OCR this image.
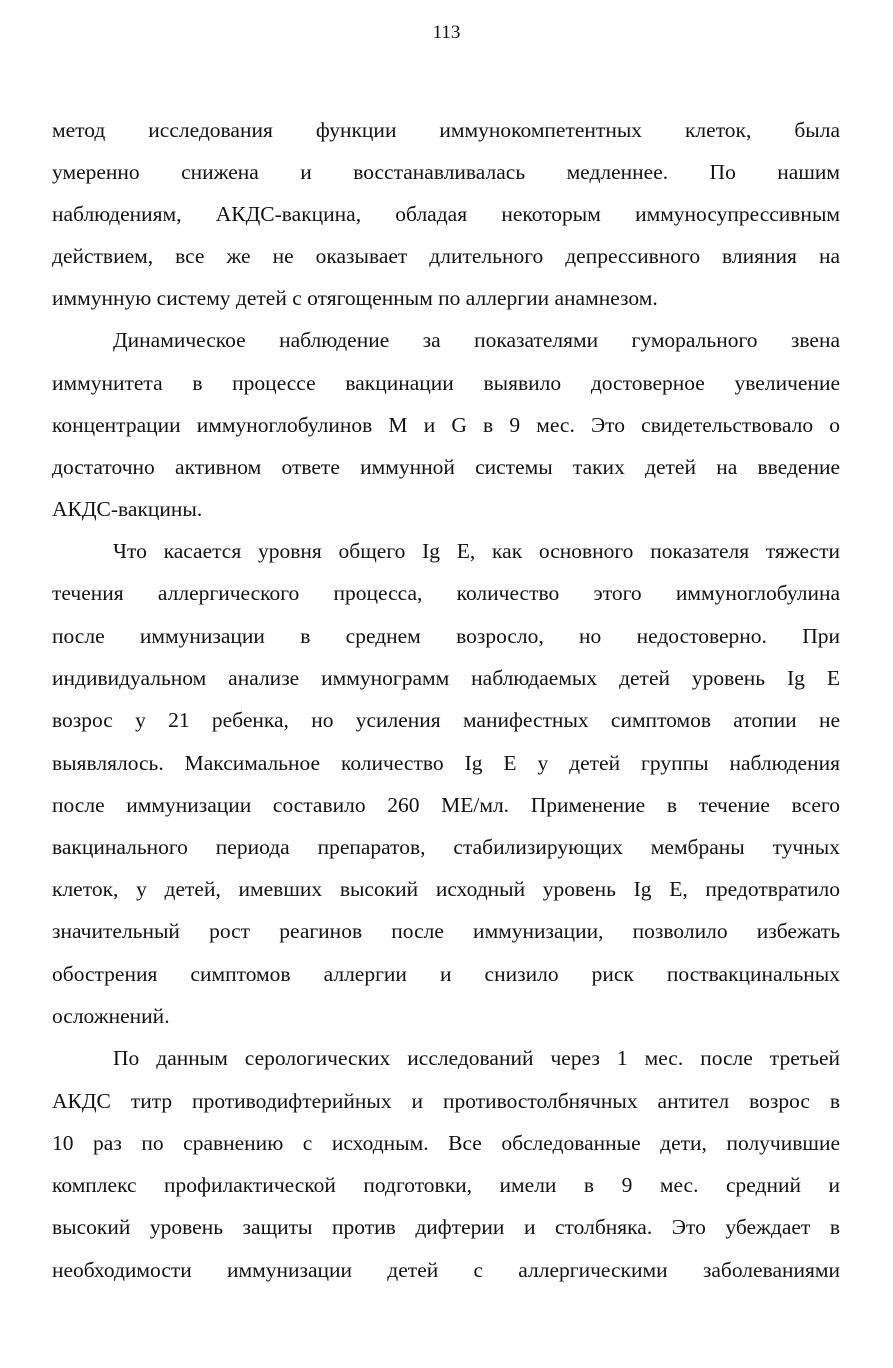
113
метод исследования функции иммунокомпетентных клеток, была
умеренно снижена и восстанавливалась медленнее. По нашим
наблюдениям, АКДС-вакцина, обладая некоторым иммуносупрессивным
действием, все же не оказывает длительного депрессивного влияния на
иммунную систему детей с отягощенным по аллергии анамнезом.
Динамическое наблюдение за показателями гуморального звена
иммунитета в процессе вакцинации выявило достоверное увеличение
концентрации иммуноглобулинов M и G в 9 мес. Это свидетельствовало о
достаточно активном ответе иммунной системы таких детей на введение
АКДС-вакцины.
Что касается уровня общего Ig E, как основного показателя тяжести
течения аллергического процесса, количество этого иммуноглобулина
после иммунизации в среднем возросло, но недостоверно. При
индивидуальном анализе иммунограмм наблюдаемых детей уровень Ig E
возрос у 21 ребенка, но усиления манифестных симптомов атопии не
выявлялось. Максимальное количество Ig E у детей группы наблюдения
после иммунизации составило 260 МЕ/мл. Применение в течение всего
вакцинального периода препаратов, стабилизирующих мембраны тучных
клеток, у детей, имевших высокий исходный уровень Ig E, предотвратило
значительный рост реагинов после иммунизации, позволило избежать
обострения симптомов аллергии и снизило риск поствакцинальных
осложнений.
По данным серологических исследований через 1 мес. после третьей
АКДС титр противодифтерийных и противостолбнячных антител возрос в
10 раз по сравнению с исходным. Все обследованные дети, получившие
комплекс профилактической подготовки, имели в 9 мес. средний и
высокий уровень защиты против дифтерии и столбняка. Это убеждает в
необходимости иммунизации детей с аллергическими заболеваниями
